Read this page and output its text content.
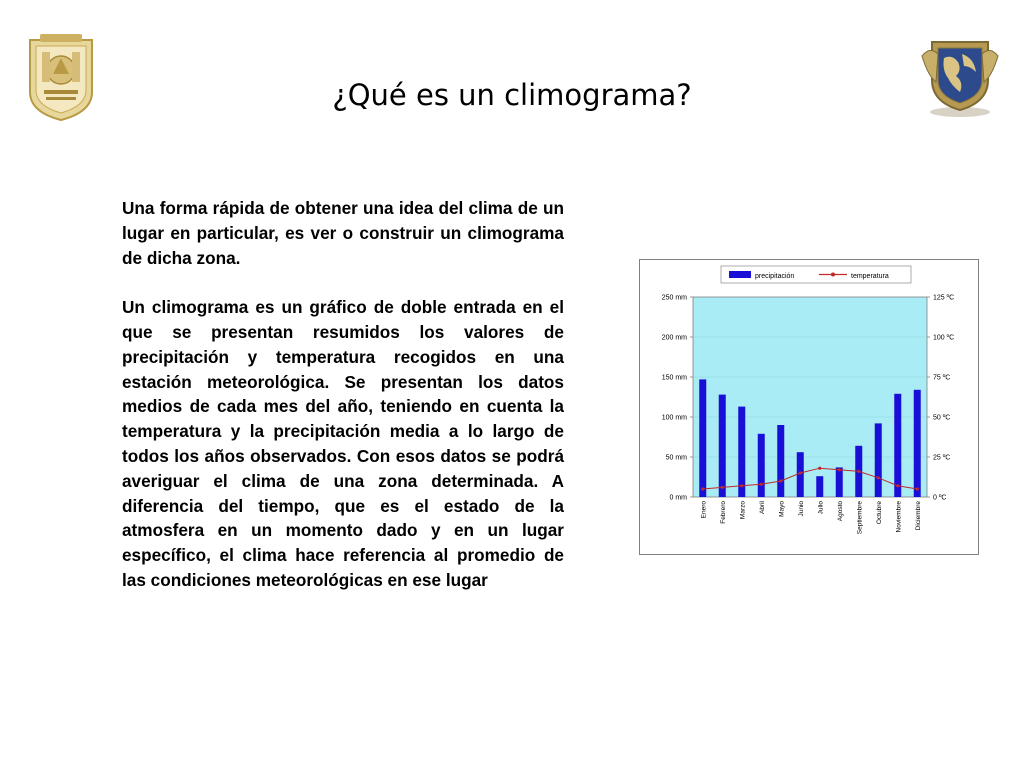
¿Qué es un climograma?

Una forma rápida de obtener una idea del clima de un lugar en particular, es ver o construir un climograma de dicha zona.

Un climograma es un gráfico de doble entrada en el que se presentan resumidos los valores de precipitación y temperatura recogidos en una estación meteorológica. Se presentan los datos medios de cada mes del año, teniendo en cuenta la temperatura y la precipitación media a lo largo de todos los años observados. Con esos datos se podrá averiguar el clima de una zona determinada. A diferencia del tiempo, que es el estado de la atmosfera en un momento dado y en un lugar específico, el clima hace referencia al promedio de las condiciones meteorológicas en ese lugar

precipitación	temperatura
250 mm
200 mm
150 mm
100 mm
50 mm
0 mm
125 ºC
100 ºC
75 ºC
50 ºC
25 ºC
0 ºC
Enero Febrero Marzo Abril Mayo Junio Julio Agosto Septiembre Octubre Noviembre Diciembre
